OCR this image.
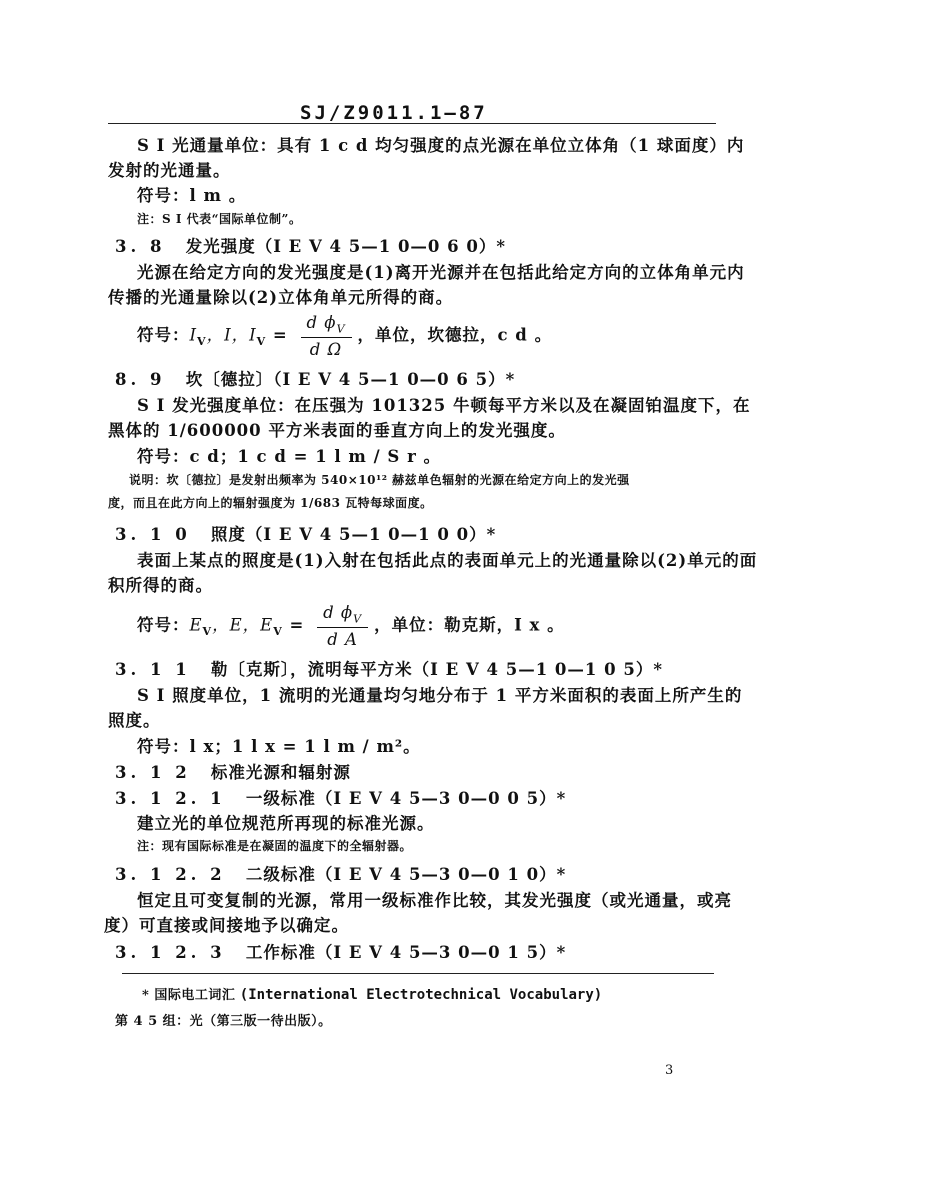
SJ/Z9011.1—87
S I 光通量单位：具有 1 c d 均匀强度的点光源在单位立体角（1 球面度）内
发射的光通量。
符号：l m 。
注：S I 代表“国际单位制”。
3. 8 发光强度（I E V 4 5—1 0—0 6 0）*
光源在给定方向的发光强度是(1)离开光源并在包括此给定方向的立体角单元内
传播的光通量除以(2)立体角单元所得的商。
符号：$I_V$，I，$I_V = \frac{d \phi_V}{\text{d Ω}}$ ，单位，坎德拉，c d 。
8. 9 坎〔德拉〕（I E V 4 5—1 0—0 6 5）*
S I 发光强度单位：在压强为 101325 牛顿每平方米以及在凝固铂温度下，在
黑体的 1/600000 平方米表面的垂直方向上的发光强度。
符号：c d；1 c d = 1 l m / S r 。
说明：坎〔德拉〕是发射出频率为 540×10¹² 赫兹单色辐射的光源在给定方向上的发光强
度，而且在此方向上的辐射强度为 1/683 瓦特每球面度。
3. 1 0 照度（I E V 4 5—1 0—1 0 0）*
表面上某点的照度是(1)入射在包括此点的表面单元上的光通量除以(2)单元的面
积所得的商。
符号：$E_V$，E，$E_V = \frac{d \phi_V}{\text{d A}}$ ，单位：勒克斯，I x 。
3. 1 1 勒〔克斯〕，流明每平方米（I E V 4 5—1 0—1 0 5）*
S I 照度单位，1 流明的光通量均匀地分布于 1 平方米面积的表面上所产生的
照度。
符号：l x；1 l x = 1 l m / m²。
3. 1 2 标准光源和辐射源
3. 1 2. 1 一级标准（I E V 4 5—3 0—0 0 5）*
建立光的单位规范所再现的标准光源。
注：现有国际标准是在凝固的温度下的全辐射器。
3. 1 2. 2 二级标准（I E V 4 5—3 0—0 1 0）*
恒定且可变复制的光源，常用一级标准作比较，其发光强度（或光通量，或亮
度）可直接或间接地予以确定。
3. 1 2. 3 工作标准（I E V 4 5—3 0—0 1 5）*
* 国际电工词汇 (International Electrotechnical Vocabulary)
第 4 5 组：光（第三版一待出版）。
3
